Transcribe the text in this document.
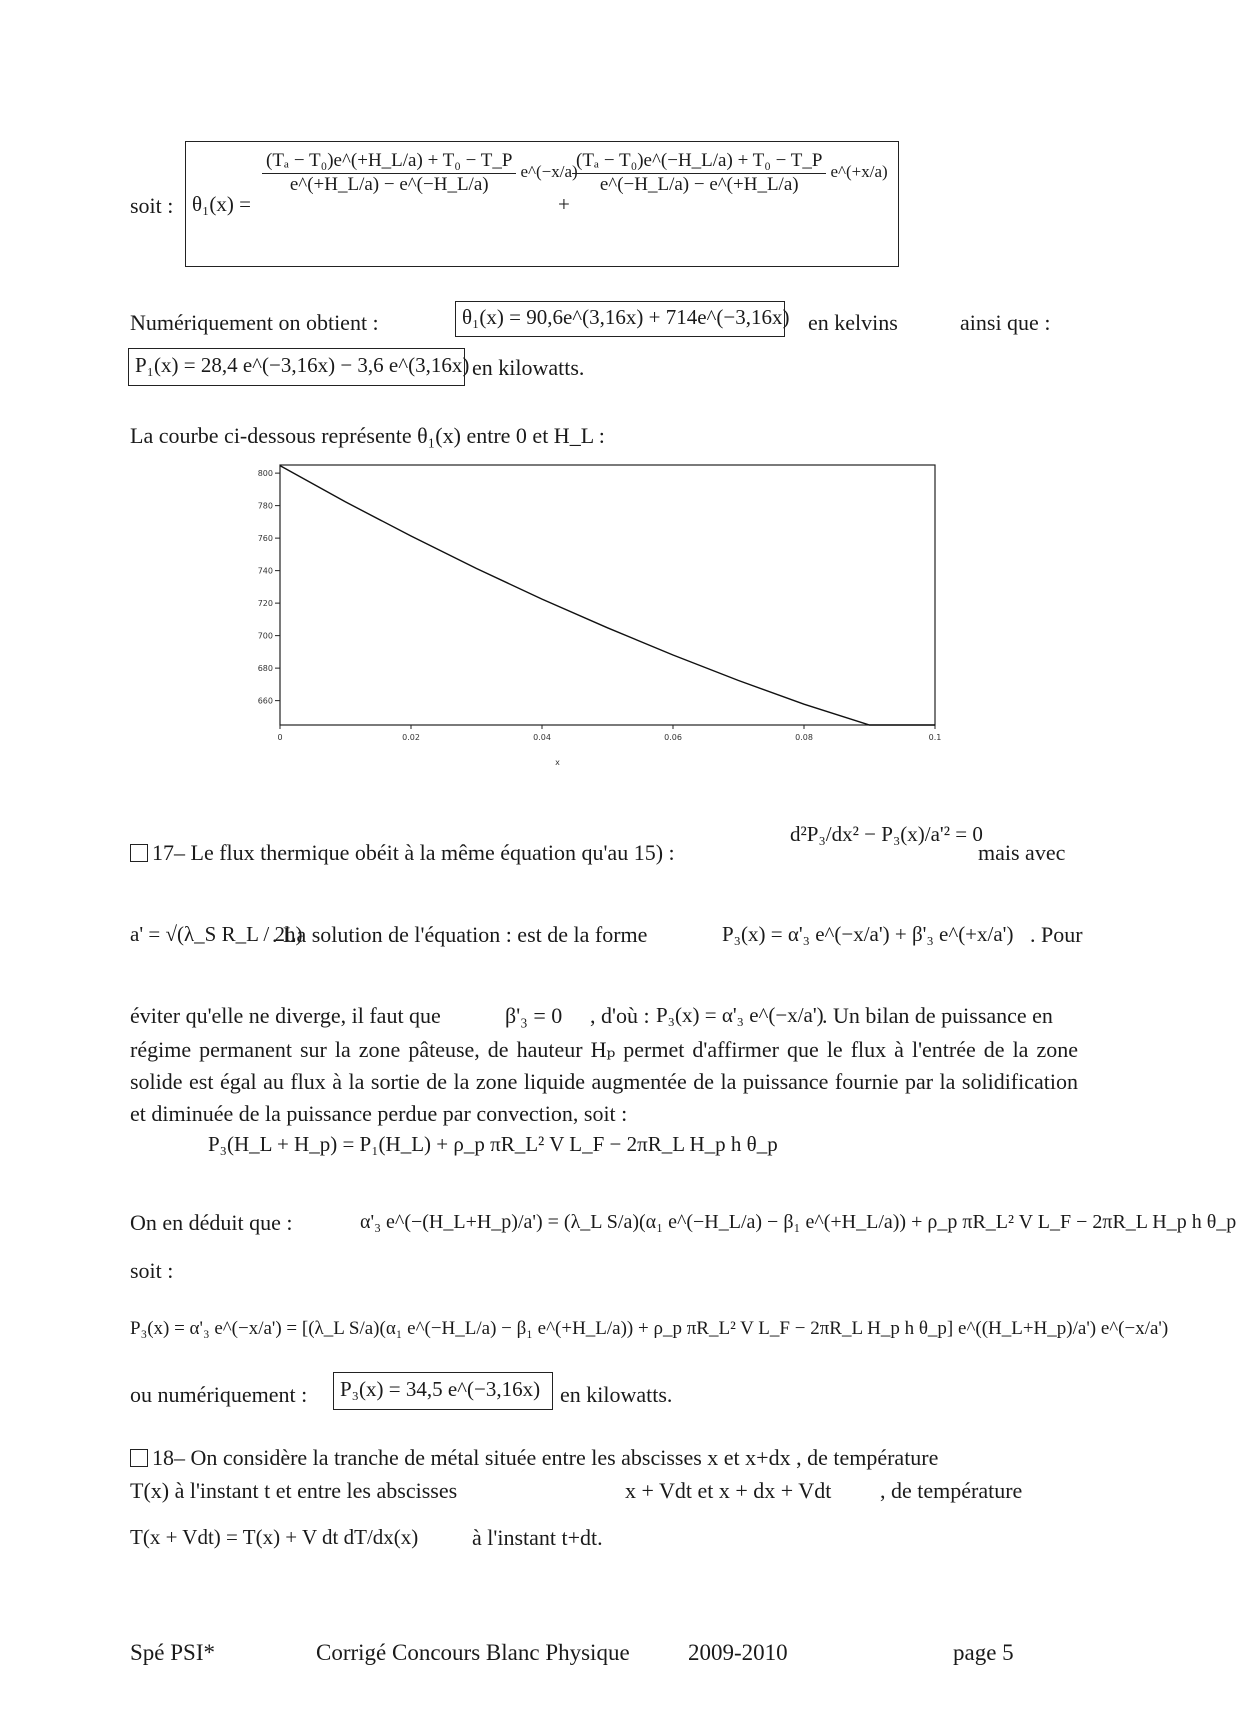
soit : θ₁(x) =
$\frac{\text{(Tₐ − T₀)e\textasciicircum{}(+H\_L/a) + T₀ − T\_P}}{e\^{}(+H\_L/a) - e\^{}(-H\_L/a)}$ e^(−x/a)
+
$\frac{\text{(Tₐ − T₀)e\textasciicircum{}(−H\_L/a) + T₀ − T\_P}}{e\^{}(-H\_L/a) - e\^{}(+H\_L/a)}$ e^(+x/a)
Numériquement on obtient :	θ₁(x) = 90,6e^(3,16x) + 714e^(−3,16x) en kelvins	ainsi que :
P₁(x) = 28,4 e^(−3,16x) − 3,6 e^(3,16x) en kilowatts.
La courbe ci-dessous représente θ₁(x) entre 0 et H_L :
800
780
760
740
720
700
680
660
0	0.02	0.04	0.06	0.08	0.1
x
17– Le flux thermique obéit à la même équation qu'au 15) :
d²P₃/dx² − P₃(x)/a'² = 0
mais avec
a' = √(λ_S R_L / 2h)
. La solution de l'équation : est de la forme	P₃(x) = α'₃ e^(−x/a') + β'₃ e^(+x/a') . Pour
éviter qu'elle ne diverge, il faut que	β'₃ = 0 , d'où : P₃(x) = α'₃ e^(−x/a')
. Un bilan de puissance en
régime permanent sur la zone pâteuse, de hauteur Hₚ permet d'affirmer que le flux à l'entrée de la zone solide est égal au flux à la sortie de la zone liquide augmentée de la puissance fournie par la solidification et diminuée de la puissance perdue par convection, soit :
P₃(H_L + H_p) = P₁(H_L) + ρ_p πR_L² V L_F − 2πR_L H_p h θ_p
On en déduit que :	α'₃ e^(−(H_L+H_p)/a') = (λ_L S/a)(α₁ e^(−H_L/a) − β₁ e^(+H_L/a)) + ρ_p πR_L² V L_F − 2πR_L H_p h θ_p
soit :
P₃(x) = α'₃ e^(−x/a') = [(λ_L S/a)(α₁ e^(−H_L/a) − β₁ e^(+H_L/a)) + ρ_p πR_L² V L_F − 2πR_L H_p h θ_p] e^((H_L+H_p)/a') e^(−x/a')
ou numériquement :	P₃(x) = 34,5 e^(−3,16x) en kilowatts.
18– On considère la tranche de métal située entre les abscisses x et x+dx , de température
T(x) à l'instant t et entre les abscisses	x + Vdt et x + dx + Vdt , de température
T(x + Vdt) = T(x) + V dt dT/dx(x) à l'instant t+dt.
Spé PSI*	Corrigé Concours Blanc Physique	2009-2010	page 5
